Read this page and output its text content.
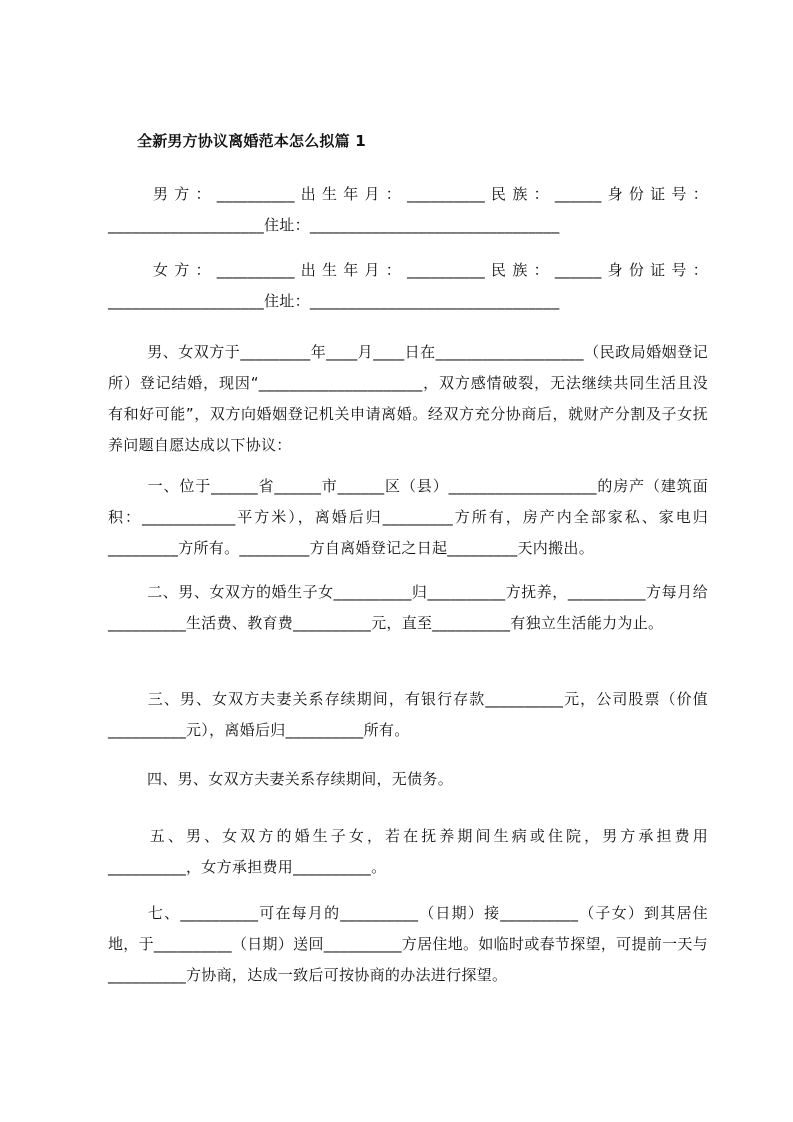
全新男方协议离婚范本怎么拟篇 1
男方：__________出生年月：__________民族：______身份证号：____________________住址：________________________________
女方：__________出生年月：__________民族：______身份证号：____________________住址：________________________________
男、女双方于_________年____月____日在___________________（民政局婚姻登记所）登记结婚，现因“_____________________，双方感情破裂，无法继续共同生活且没有和好可能”，双方向婚姻登记机关申请离婚。经双方充分协商后，就财产分割及子女抚养问题自愿达成以下协议：
一、位于______省______市______区（县）___________________的房产（建筑面积：____________平方米），离婚后归_________方所有，房产内全部家私、家电归_________方所有。_________方自离婚登记之日起_________天内搬出。
二、男、女双方的婚生子女__________归__________方抚养，__________方每月给__________生活费、教育费__________元，直至__________有独立生活能力为止。
三、男、女双方夫妻关系存续期间，有银行存款__________元，公司股票（价值__________元），离婚后归__________所有。
四、男、女双方夫妻关系存续期间，无债务。
五、男、女双方的婚生子女，若在抚养期间生病或住院，男方承担费用__________，女方承担费用__________。
七、__________可在每月的__________（日期）接__________（子女）到其居住地，于__________（日期）送回__________方居住地。如临时或春节探望，可提前一天与__________方协商，达成一致后可按协商的办法进行探望。
